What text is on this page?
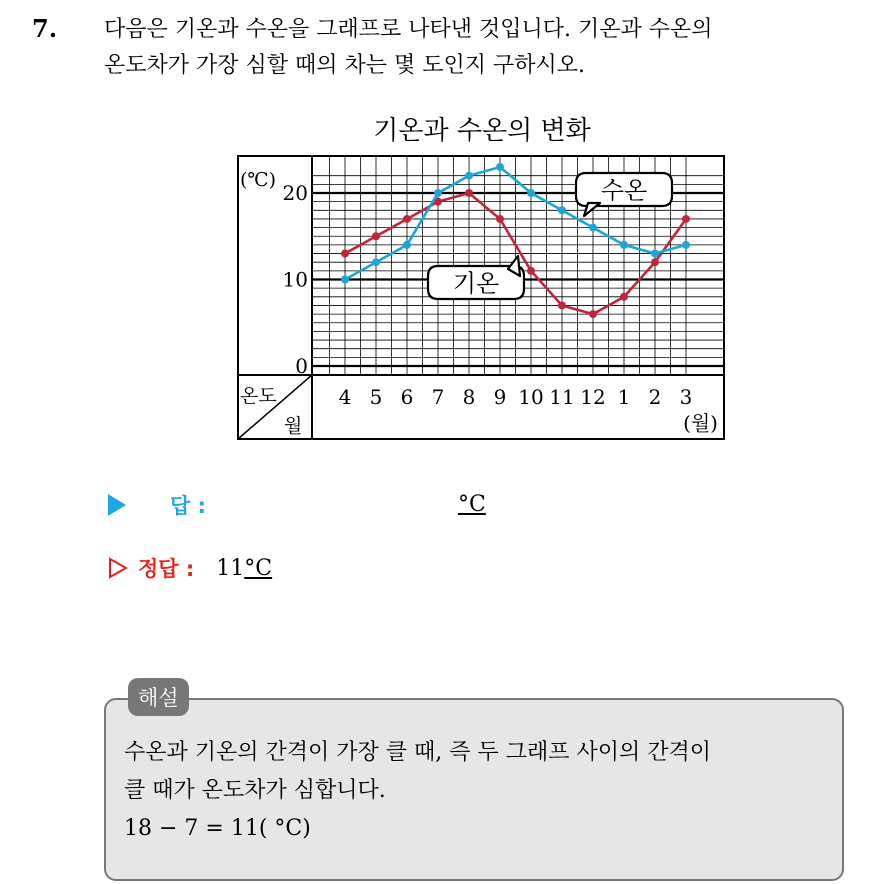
7. 다음은 기온과 수온을 그래프로 나타낸 것입니다. 기온과 수온의
온도차가 가장 심할 때의 차는 몇 도인지 구하시오.
기온과 수온의 변화
(℃)
0
10
20
온도
월
4 5 6 7 8 9 10 11 12 1 2 3
(월)
수온
기온
답 :	°C
정답 : 11 °C
해설
수온과 기온의 간격이 가장 클 때, 즉 두 그래프 사이의 간격이
클 때가 온도차가 심합니다.
18 − 7 = 11( °C)
